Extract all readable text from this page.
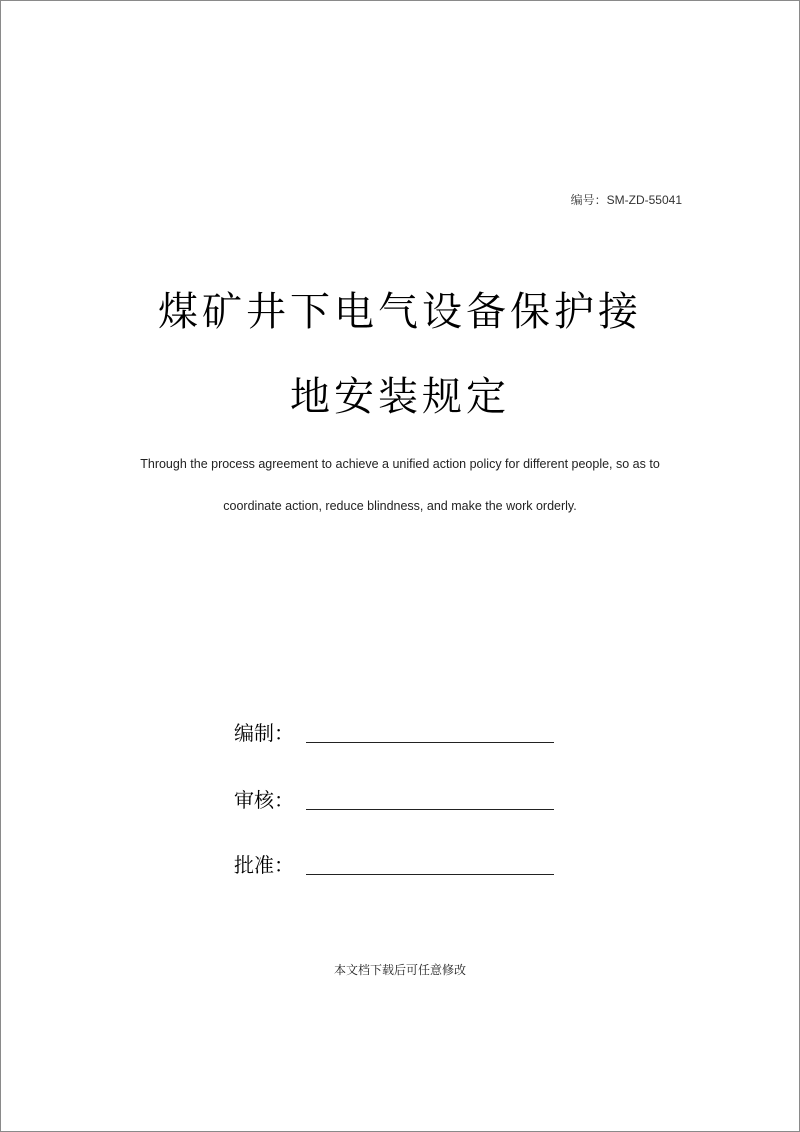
编号：SM-ZD-55041
煤矿井下电气设备保护接
地安装规定
Through the process agreement to achieve a unified action policy for different people, so as to
coordinate action, reduce blindness, and make the work orderly.
编制：
审核：
批准：
本文档下载后可任意修改
